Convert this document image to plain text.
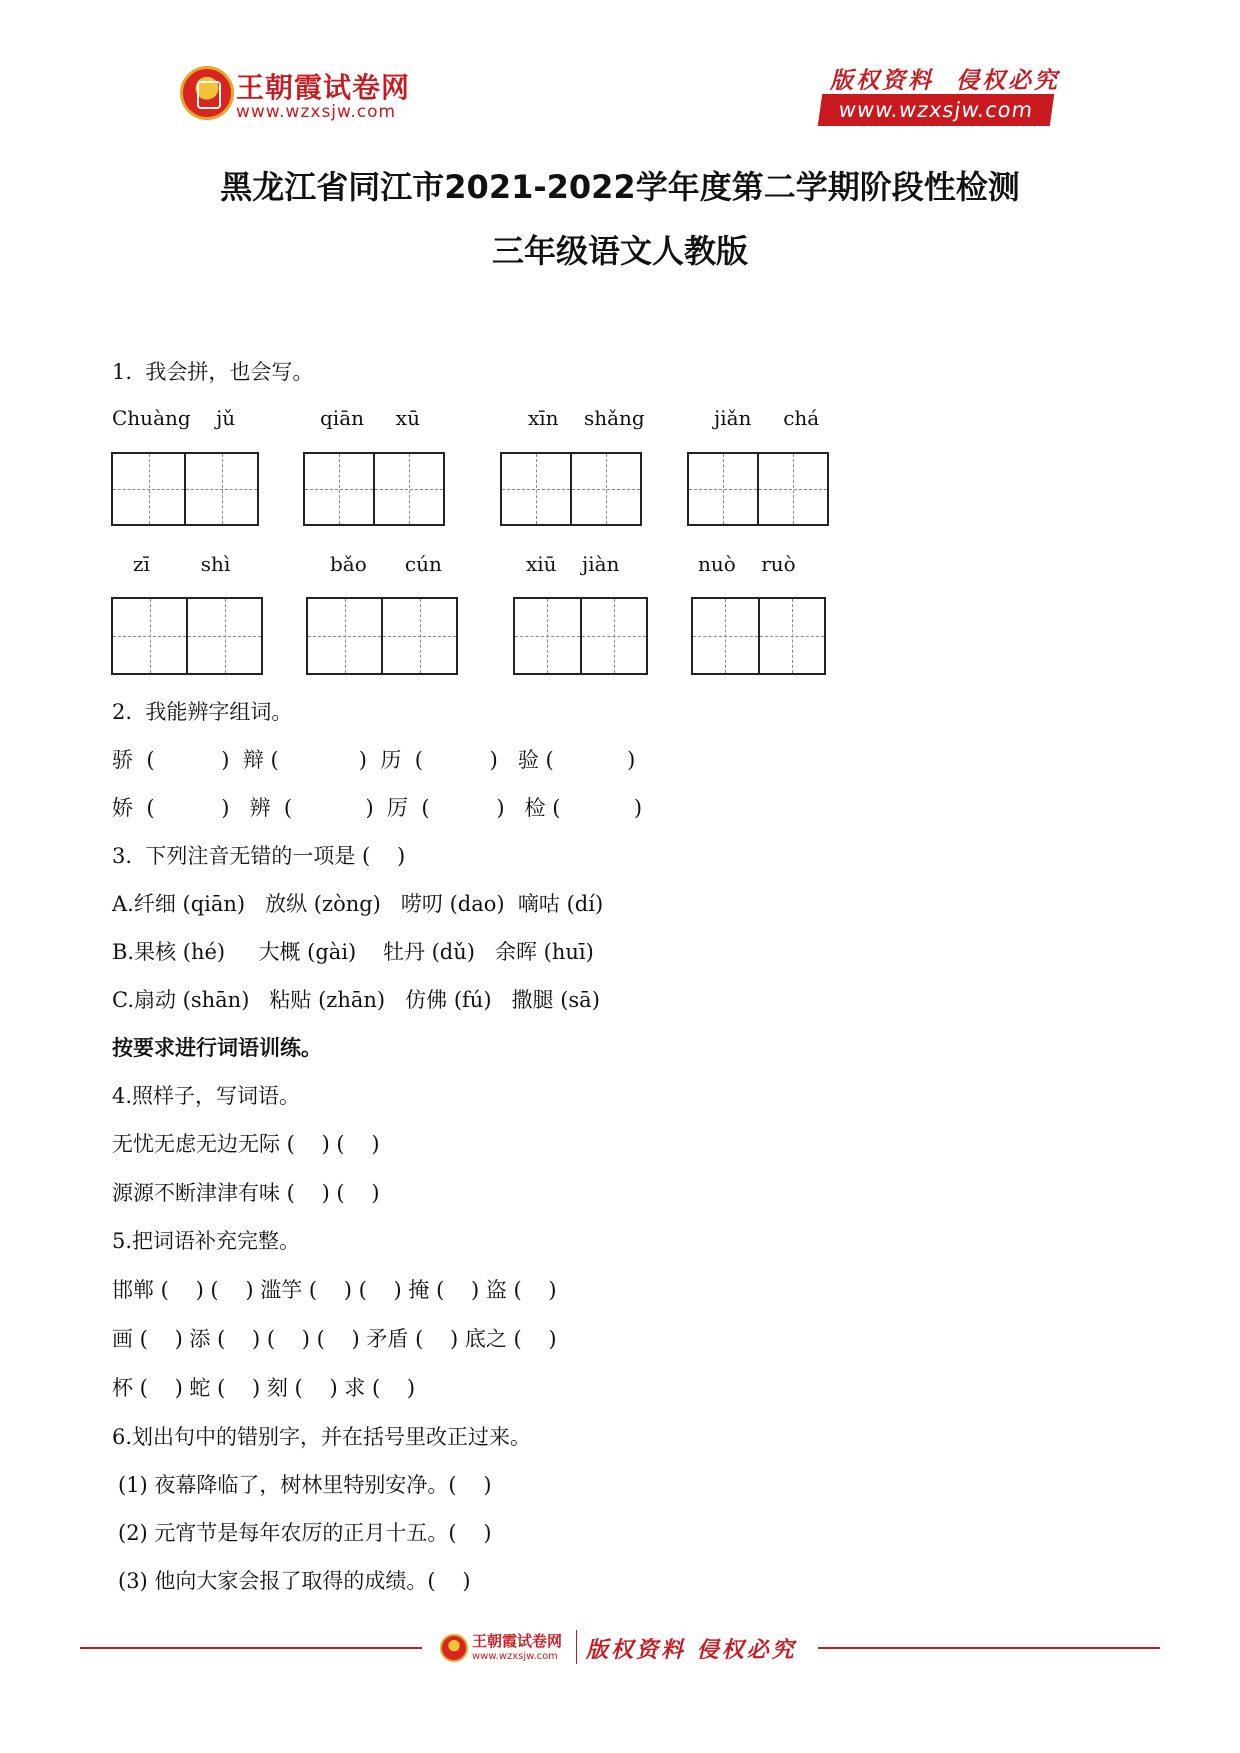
王朝霞试卷网
www.wzxsjw.com
版权资料  侵权必究
www.wzxsjw.com
黑龙江省同江市2021-2022学年度第二学期阶段性检测
三年级语文人教版
1.  我会拼，也会写。
Chuàng    jǔ	qiān     xū	xīn    shǎng	jiǎn     chá
zī        shì	bǎo      cún	xiū    jiàn	nuò    ruò
2.  我能辨字组词。
骄  (          )  辩 (            )  历  (          )   验 (           )
娇  (          )   辨  (           )  厉  (          )   检 (           )
3.  下列注音无错的一项是 (    )
A.纤细 (qiān)   放纵 (zòng)   唠叨 (dao)  嘀咕 (dí)
B.果核 (hé)     大概 (gài)    牡丹 (dǔ)   余晖 (huī)
C.扇动 (shān)   粘贴 (zhān)   仿佛 (fú)   撒腿 (sā)
按要求进行词语训练。
4.照样子，写词语。
无忧无虑无边无际 (    ) (    )
源源不断津津有味 (    ) (    )
5.把词语补充完整。
邯郸 (    ) (    ) 滥竽 (    ) (    ) 掩 (    ) 盗 (    )
画 (    ) 添 (    ) (    ) (    ) 矛盾 (    ) 底之 (    )
杯 (    ) 蛇 (    ) 刻 (    ) 求 (    )
6.划出句中的错别字，并在括号里改正过来。
(1) 夜幕降临了，树林里特别安净。(    )
(2) 元宵节是每年农厉的正月十五。(    )
(3) 他向大家会报了取得的成绩。(    )
王朝霞试卷网
www.wzxsjw.com 版权资料 侵权必究
